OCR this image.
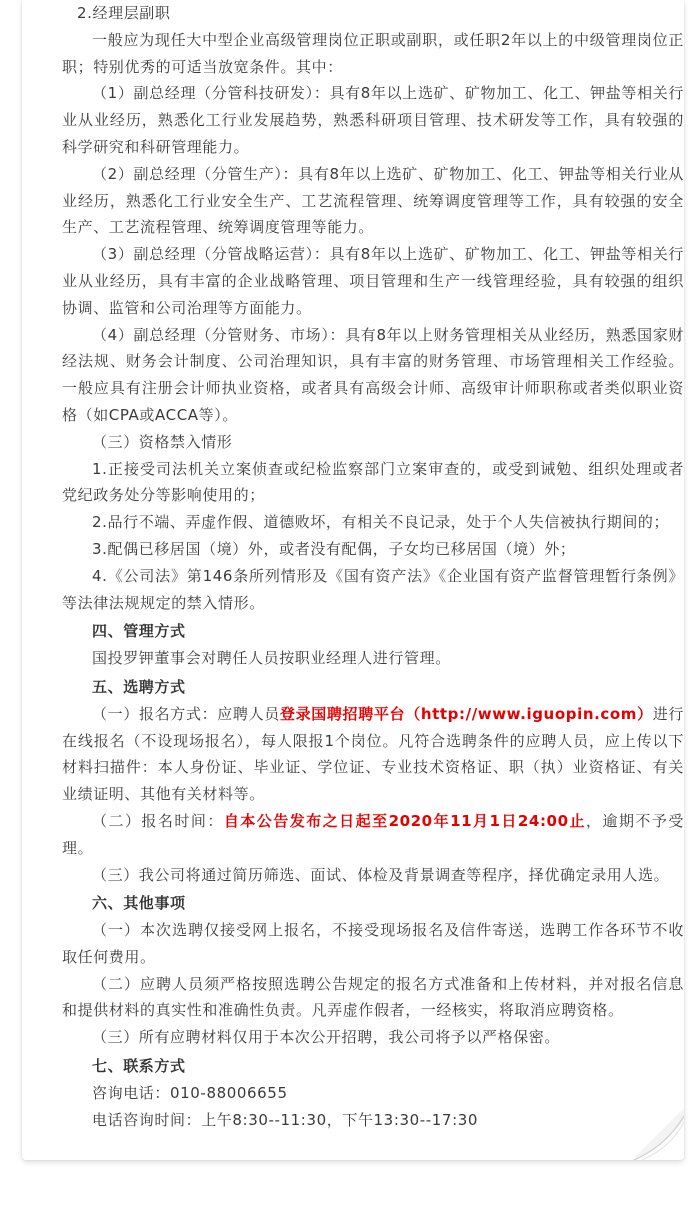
2.经理层副职

一般应为现任大中型企业高级管理岗位正职或副职，或任职2年以上的中级管理岗位正职；特别优秀的可适当放宽条件。其中：

（1）副总经理（分管科技研发）：具有8年以上选矿、矿物加工、化工、钾盐等相关行业从业经历，熟悉化工行业发展趋势，熟悉科研项目管理、技术研发等工作，具有较强的科学研究和科研管理能力。

（2）副总经理（分管生产）：具有8年以上选矿、矿物加工、化工、钾盐等相关行业从业经历，熟悉化工行业安全生产、工艺流程管理、统筹调度管理等工作，具有较强的安全生产、工艺流程管理、统筹调度管理等能力。

（3）副总经理（分管战略运营）：具有8年以上选矿、矿物加工、化工、钾盐等相关行业从业经历，具有丰富的企业战略管理、项目管理和生产一线管理经验，具有较强的组织协调、监管和公司治理等方面能力。

（4）副总经理（分管财务、市场）：具有8年以上财务管理相关从业经历，熟悉国家财经法规、财务会计制度、公司治理知识，具有丰富的财务管理、市场管理相关工作经验。一般应具有注册会计师执业资格，或者具有高级会计师、高级审计师职称或者类似职业资格（如CPA或ACCA等）。

（三）资格禁入情形

1.正接受司法机关立案侦查或纪检监察部门立案审查的，或受到诫勉、组织处理或者党纪政务处分等影响使用的；

2.品行不端、弄虚作假、道德败坏，有相关不良记录，处于个人失信被执行期间的；

3.配偶已移居国（境）外，或者没有配偶，子女均已移居国（境）外；

4.《公司法》第146条所列情形及《国有资产法》《企业国有资产监督管理暂行条例》等法律法规规定的禁入情形。

四、管理方式

国投罗钾董事会对聘任人员按职业经理人进行管理。

五、选聘方式

（一）报名方式：应聘人员登录国聘招聘平台（http://www.iguopin.com）进行在线报名（不设现场报名），每人限报1个岗位。凡符合选聘条件的应聘人员，应上传以下材料扫描件：本人身份证、毕业证、学位证、专业技术资格证、职（执）业资格证、有关业绩证明、其他有关材料等。

（二）报名时间：自本公告发布之日起至2020年11月1日24:00止，逾期不予受理。

（三）我公司将通过简历筛选、面试、体检及背景调查等程序，择优确定录用人选。

六、其他事项

（一）本次选聘仅接受网上报名，不接受现场报名及信件寄送，选聘工作各环节不收取任何费用。

（二）应聘人员须严格按照选聘公告规定的报名方式准备和上传材料，并对报名信息和提供材料的真实性和准确性负责。凡弄虚作假者，一经核实，将取消应聘资格。

（三）所有应聘材料仅用于本次公开招聘，我公司将予以严格保密。

七、联系方式

咨询电话：010-88006655

电话咨询时间：上午8:30--11:30，下午13:30--17:30
